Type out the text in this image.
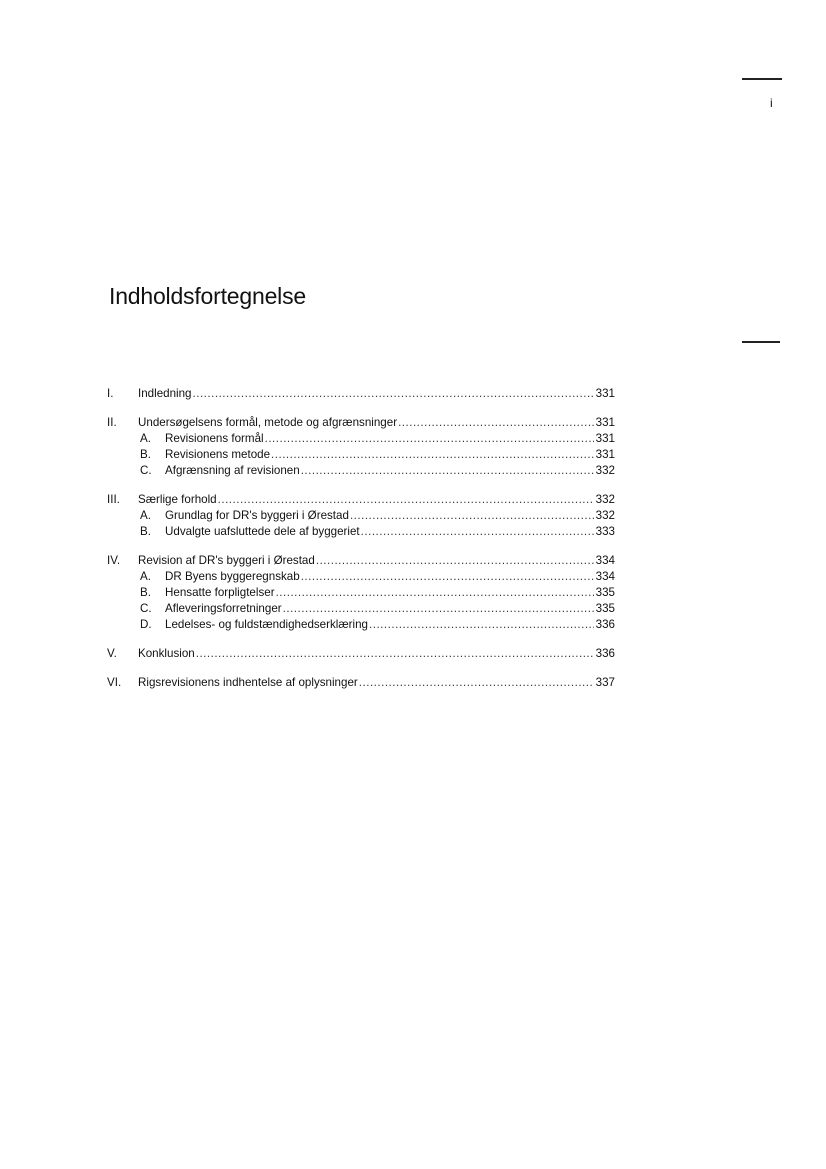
i
Indholdsfortegnelse
I.	Indledning .....	331
II.	Undersøgelsens formål, metode og afgrænsninger .....	331
A.	Revisionens formål .....	331
B.	Revisionens metode .....	331
C.	Afgrænsning af revisionen .....	332
III.	Særlige forhold .....	332
A.	Grundlag for DR's byggeri i Ørestad .....	332
B.	Udvalgte uafsluttede dele af byggeriet .....	333
IV.	Revision af DR's byggeri i Ørestad .....	334
A.	DR Byens byggeregnskab .....	334
B.	Hensatte forpligtelser .....	335
C.	Afleveringsforretninger .....	335
D.	Ledelses- og fuldstændighedserklæring .....	336
V.	Konklusion .....	336
VI.	Rigsrevisionens indhentelse af oplysninger .....	337
